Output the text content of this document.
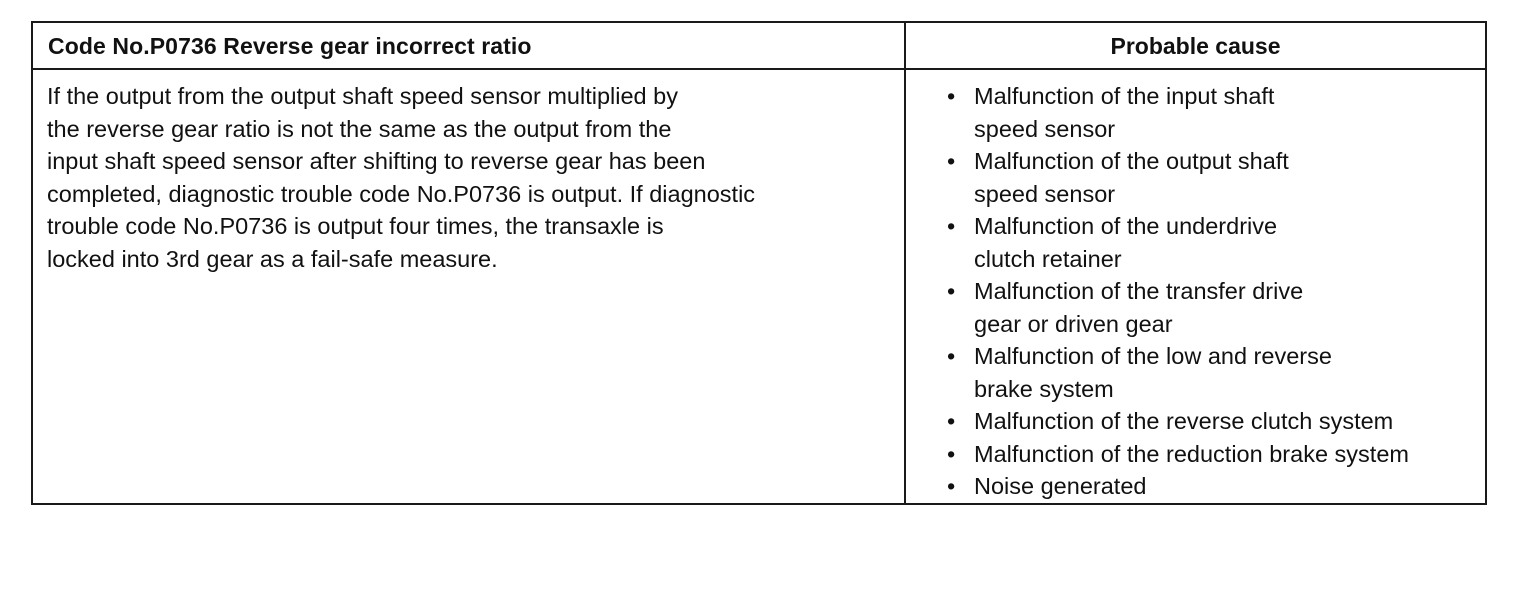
Code No.P0736 Reverse gear incorrect ratio	Probable cause
If the output from the output shaft speed sensor multiplied by
the reverse gear ratio is not the same as the output from the
input shaft speed sensor after shifting to reverse gear has been
completed, diagnostic trouble code No.P0736 is output. If diagnostic
trouble code No.P0736 is output four times, the transaxle is
locked into 3rd gear as a fail-safe measure.
• Malfunction of the input shaft
speed sensor
• Malfunction of the output shaft
speed sensor
• Malfunction of the underdrive
clutch retainer
• Malfunction of the transfer drive
gear or driven gear
• Malfunction of the low and reverse
brake system
• Malfunction of the reverse clutch system
• Malfunction of the reduction brake system
• Noise generated
